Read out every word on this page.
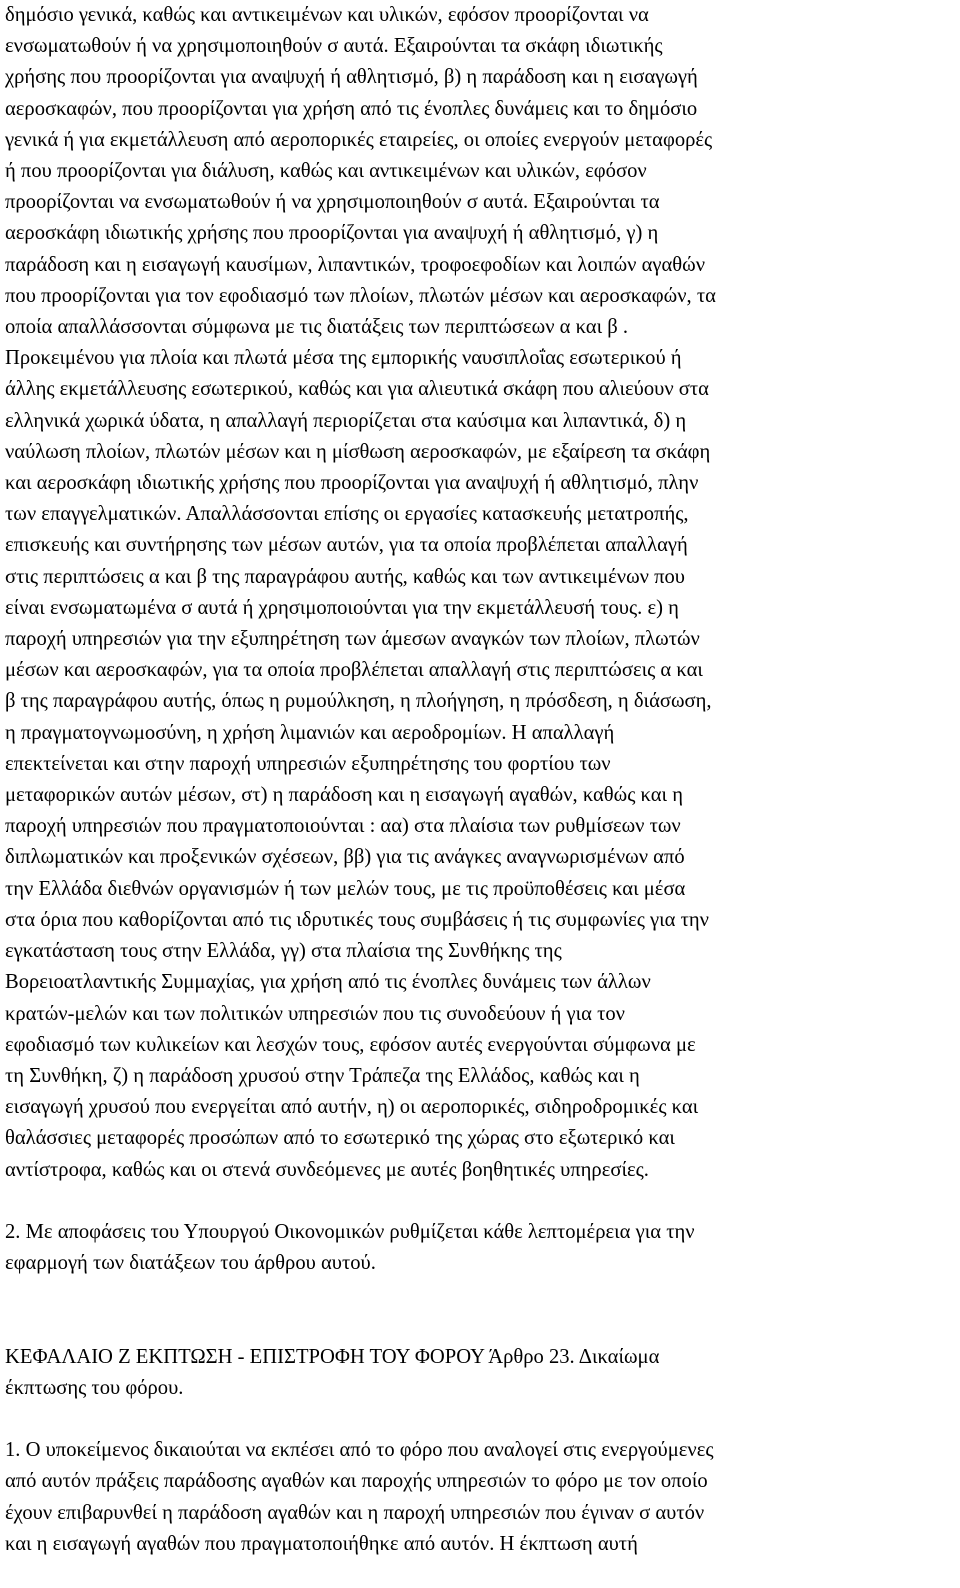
δημόσιο γενικά, καθώς και αντικειμένων και υλικών, εφόσον προορίζονται να
ενσωματωθούν ή να χρησιμοποιηθούν σ αυτά. Εξαιρούνται τα σκάφη ιδιωτικής
χρήσης που προορίζονται για αναψυχή ή αθλητισμό, β) η παράδοση και η εισαγωγή
αεροσκαφών, που προορίζονται για χρήση από τις ένοπλες δυνάμεις και το δημόσιο
γενικά ή για εκμετάλλευση από αεροπορικές εταιρείες, οι οποίες ενεργούν μεταφορές
ή που προορίζονται για διάλυση, καθώς και αντικειμένων και υλικών, εφόσον
προορίζονται να ενσωματωθούν ή να χρησιμοποιηθούν σ αυτά. Εξαιρούνται τα
αεροσκάφη ιδιωτικής χρήσης που προορίζονται για αναψυχή ή αθλητισμό, γ) η
παράδοση και η εισαγωγή καυσίμων, λιπαντικών, τροφοεφοδίων και λοιπών αγαθών
που προορίζονται για τον εφοδιασμό των πλοίων, πλωτών μέσων και αεροσκαφών, τα
οποία απαλλάσσονται σύμφωνα με τις διατάξεις των περιπτώσεων α και β .
Προκειμένου για πλοία και πλωτά μέσα της εμπορικής ναυσιπλοΐας εσωτερικού ή
άλλης εκμετάλλευσης εσωτερικού, καθώς και για αλιευτικά σκάφη που αλιεύουν στα
ελληνικά χωρικά ύδατα, η απαλλαγή περιορίζεται στα καύσιμα και λιπαντικά, δ) η
ναύλωση πλοίων, πλωτών μέσων και η μίσθωση αεροσκαφών, με εξαίρεση τα σκάφη
και αεροσκάφη ιδιωτικής χρήσης που προορίζονται για αναψυχή ή αθλητισμό, πλην
των επαγγελματικών. Απαλλάσσονται επίσης οι εργασίες κατασκευής μετατροπής,
επισκευής και συντήρησης των μέσων αυτών, για τα οποία προβλέπεται απαλλαγή
στις περιπτώσεις α και β της παραγράφου αυτής, καθώς και των αντικειμένων που
είναι ενσωματωμένα σ αυτά ή χρησιμοποιούνται για την εκμετάλλευσή τους. ε) η
παροχή υπηρεσιών για την εξυπηρέτηση των άμεσων αναγκών των πλοίων, πλωτών
μέσων και αεροσκαφών, για τα οποία προβλέπεται απαλλαγή στις περιπτώσεις α και
β της παραγράφου αυτής, όπως η ρυμούλκηση, η πλοήγηση, η πρόσδεση, η διάσωση,
η πραγματογνωμοσύνη, η χρήση λιμανιών και αεροδρομίων. Η απαλλαγή
επεκτείνεται και στην παροχή υπηρεσιών εξυπηρέτησης του φορτίου των
μεταφορικών αυτών μέσων, στ) η παράδοση και η εισαγωγή αγαθών, καθώς και η
παροχή υπηρεσιών που πραγματοποιούνται : αα) στα πλαίσια των ρυθμίσεων των
διπλωματικών και προξενικών σχέσεων, ββ) για τις ανάγκες αναγνωρισμένων από
την Ελλάδα διεθνών οργανισμών ή των μελών τους, με τις προϋποθέσεις και μέσα
στα όρια που καθορίζονται από τις ιδρυτικές τους συμβάσεις ή τις συμφωνίες για την
εγκατάσταση τους στην Ελλάδα, γγ) στα πλαίσια της Συνθήκης της
Βορειοατλαντικής Συμμαχίας, για χρήση από τις ένοπλες δυνάμεις των άλλων
κρατών-μελών και των πολιτικών υπηρεσιών που τις συνοδεύουν ή για τον
εφοδιασμό των κυλικείων και λεσχών τους, εφόσον αυτές ενεργούνται σύμφωνα με
τη Συνθήκη, ζ) η παράδοση χρυσού στην Τράπεζα της Ελλάδος, καθώς και η
εισαγωγή χρυσού που ενεργείται από αυτήν, η) οι αεροπορικές, σιδηροδρομικές και
θαλάσσιες μεταφορές προσώπων από το εσωτερικό της χώρας στο εξωτερικό και
αντίστροφα, καθώς και οι στενά συνδεόμενες με αυτές βοηθητικές υπηρεσίες.
2. Με αποφάσεις του Υπουργού Οικονομικών ρυθμίζεται κάθε λεπτομέρεια για την
εφαρμογή των διατάξεων του άρθρου αυτού.
ΚΕΦΑΛΑΙΟ Ζ ΕΚΠΤΩΣΗ - ΕΠΙΣΤΡΟΦΗ ΤΟΥ ΦΟΡΟΥ Άρθρο 23. Δικαίωμα
έκπτωσης του φόρου.
1. Ο υποκείμενος δικαιούται να εκπέσει από το φόρο που αναλογεί στις ενεργούμενες
από αυτόν πράξεις παράδοσης αγαθών και παροχής υπηρεσιών το φόρο με τον οποίο
έχουν επιβαρυνθεί η παράδοση αγαθών και η παροχή υπηρεσιών που έγιναν σ αυτόν
και η εισαγωγή αγαθών που πραγματοποιήθηκε από αυτόν. Η έκπτωση αυτή
